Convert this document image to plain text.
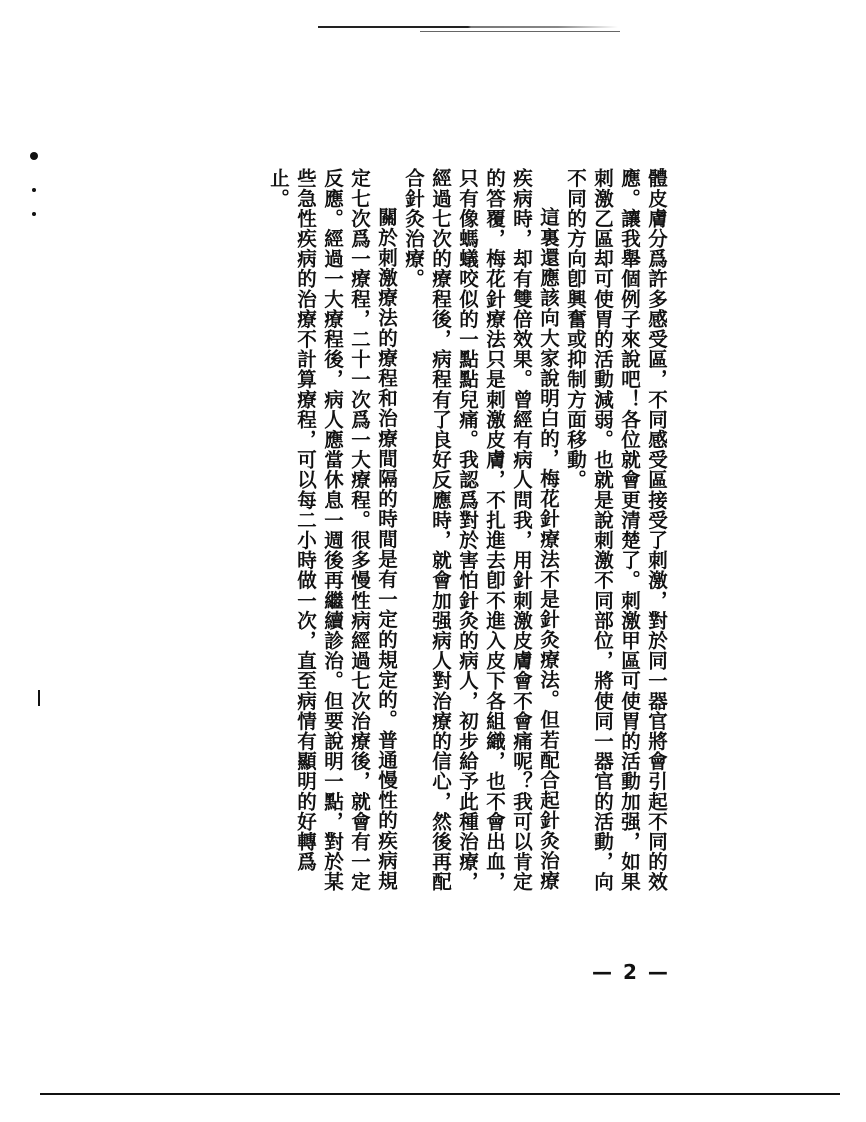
體皮膚分爲許多感受區，不同感受區接受了刺激，對於同一器官將會引起不同的效應。讓我舉個例子來說吧！各位就會更清楚了。刺激甲區可使胃的活動加强，如果刺激乙區却可使胃的活動減弱。也就是說刺激不同部位，將使同一器官的活動，向不同的方向卽興奮或抑制方面移動。

這裏還應該向大家說明白的，梅花針療法不是針灸療法。但若配合起針灸治療疾病時，却有雙倍效果。曾經有病人問我，用針刺激皮膚會不會痛呢？我可以肯定的答覆，梅花針療法只是刺激皮膚，不扎進去卽不進入皮下各組織，也不會出血，只有像螞蟻咬似的一點點兒痛。我認爲對於害怕針灸的病人，初步給予此種治療，經過七次的療程後，病程有了良好反應時，就會加强病人對治療的信心，然後再配合針灸治療。

關於刺激療法的療程和治療間隔的時間是有一定的規定的。普通慢性的疾病規定七次爲一療程，二十一次爲一大療程。很多慢性病經過七次治療後，就會有一定反應。經過一大療程後，病人應當休息一週後再繼續診治。但要說明一點，對於某些急性疾病的治療不計算療程，可以每二小時做一次，直至病情有顯明的好轉爲止。

— 2 —
